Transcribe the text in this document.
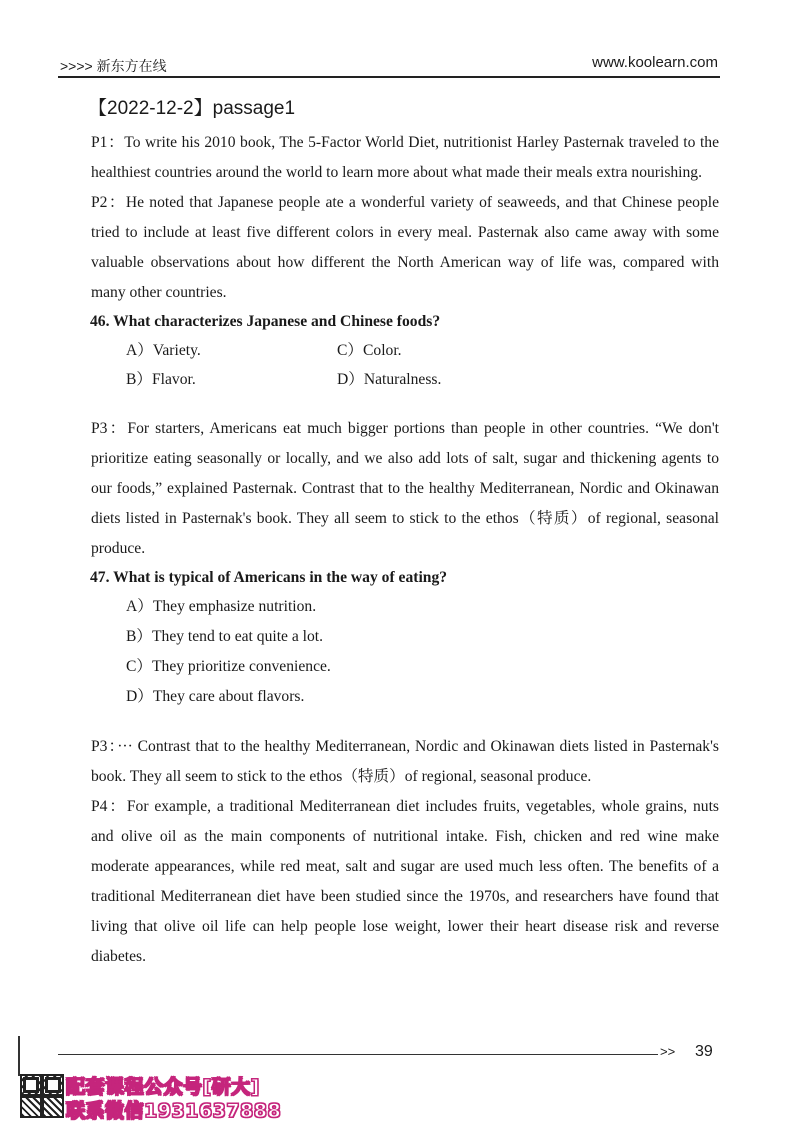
>>>> 新东方在线	www.koolearn.com
【2022-12-2】passage1

P1：To write his 2010 book, The 5-Factor World Diet, nutritionist Harley Pasternak traveled to the healthiest countries around the world to learn more about what made their meals extra nourishing.

P2：He noted that Japanese people ate a wonderful variety of seaweeds, and that Chinese people tried to include at least five different colors in every meal. Pasternak also came away with some valuable observations about how different the North American way of life was, compared with many other countries.

46. What characterizes Japanese and Chinese foods?

A）Variety.	C）Color.
B）Flavor.	D）Naturalness.

P3：For starters, Americans eat much bigger portions than people in other countries. “We don't prioritize eating seasonally or locally, and we also add lots of salt, sugar and thickening agents to our foods,” explained Pasternak. Contrast that to the healthy Mediterranean, Nordic and Okinawan diets listed in Pasternak's book. They all seem to stick to the ethos（特质）of regional, seasonal produce.

47. What is typical of Americans in the way of eating?

A）They emphasize nutrition.
B）They tend to eat quite a lot.
C）They prioritize convenience.
D）They care about flavors.

P3：··· Contrast that to the healthy Mediterranean, Nordic and Okinawan diets listed in Pasternak's book. They all seem to stick to the ethos（特质）of regional, seasonal produce.

P4：For example, a traditional Mediterranean diet includes fruits, vegetables, whole grains, nuts and olive oil as the main components of nutritional intake. Fish, chicken and red wine make moderate appearances, while red meat, salt and sugar are used much less often. The benefits of a traditional Mediterranean diet have been studied since the 1970s, and researchers have found that living that olive oil life can help people lose weight, lower their heart disease risk and reverse diabetes.

>> 39
配套课程公众号[研大]
联系微信1931637888
